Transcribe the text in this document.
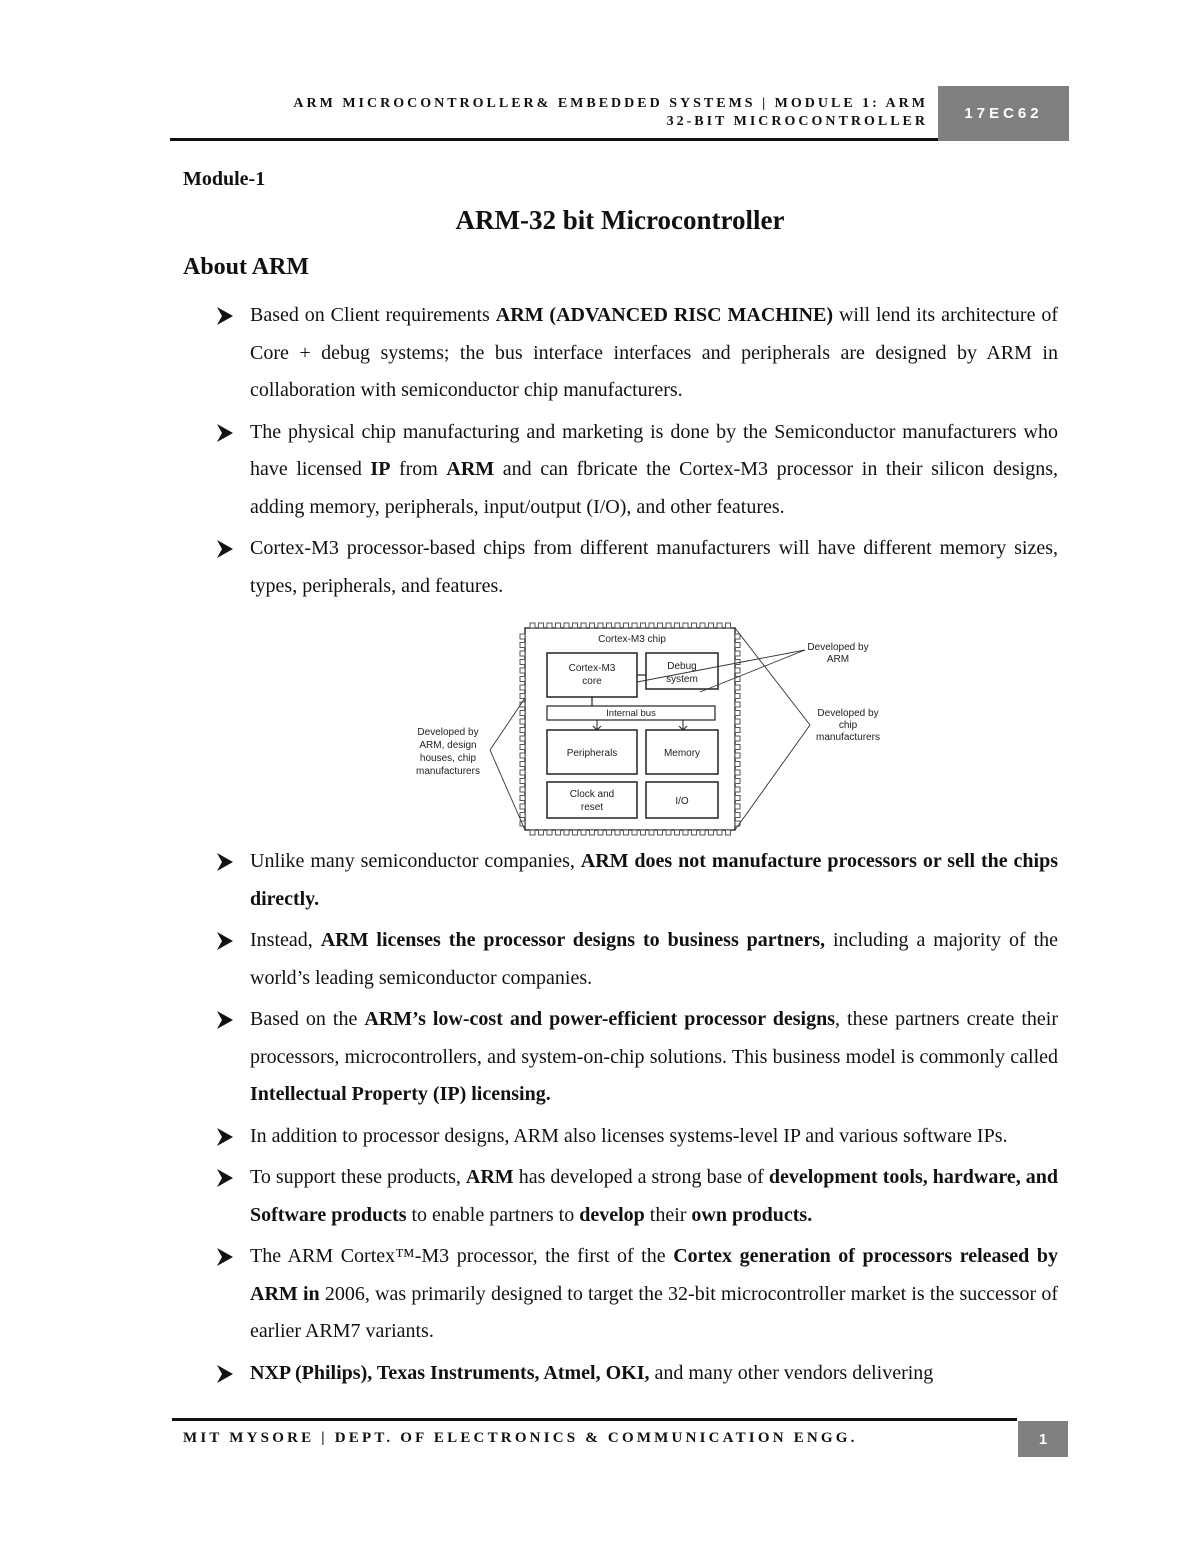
ARM MICROCONTROLLER& EMBEDDED SYSTEMS | MODULE 1: ARM
32-BIT MICROCONTROLLER	17EC62
Module-1
ARM-32 bit Microcontroller
About ARM
Based on Client requirements ARM (ADVANCED RISC MACHINE) will lend its architecture of Core + debug systems; the bus interface interfaces and peripherals are designed by ARM in collaboration with semiconductor chip manufacturers.
The physical chip manufacturing and marketing is done by the Semiconductor manufacturers who have licensed IP from ARM and can fbricate the Cortex-M3 processor in their silicon designs, adding memory, peripherals, input/output (I/O), and other features.
Cortex-M3 processor-based chips from different manufacturers will have different memory sizes, types, peripherals, and features.
Cortex-M3 chip
Cortex-M3
core
Debug
system
Internal bus
Peripherals	Memory
Clock and
reset
I/O
Developed by
ARM
Developed by
chip
manufacturers
Developed by
ARM, design
houses, chip
manufacturers
Unlike many semiconductor companies, ARM does not manufacture processors or sell the chips directly.
Instead, ARM licenses the processor designs to business partners, including a majority of the world’s leading semiconductor companies.
Based on the ARM’s low-cost and power-efficient processor designs, these partners create their processors, microcontrollers, and system-on-chip solutions. This business model is commonly called Intellectual Property (IP) licensing.
In addition to processor designs, ARM also licenses systems-level IP and various software IPs.
To support these products, ARM has developed a strong base of development tools, hardware, and Software products to enable partners to develop their own products.
The ARM Cortex™-M3 processor, the first of the Cortex generation of processors released by ARM in 2006, was primarily designed to target the 32-bit microcontroller market is the successor of earlier ARM7 variants.
NXP (Philips), Texas Instruments, Atmel, OKI, and many other vendors delivering
MIT MYSORE | DEPT. OF ELECTRONICS & COMMUNICATION ENGG.	1
